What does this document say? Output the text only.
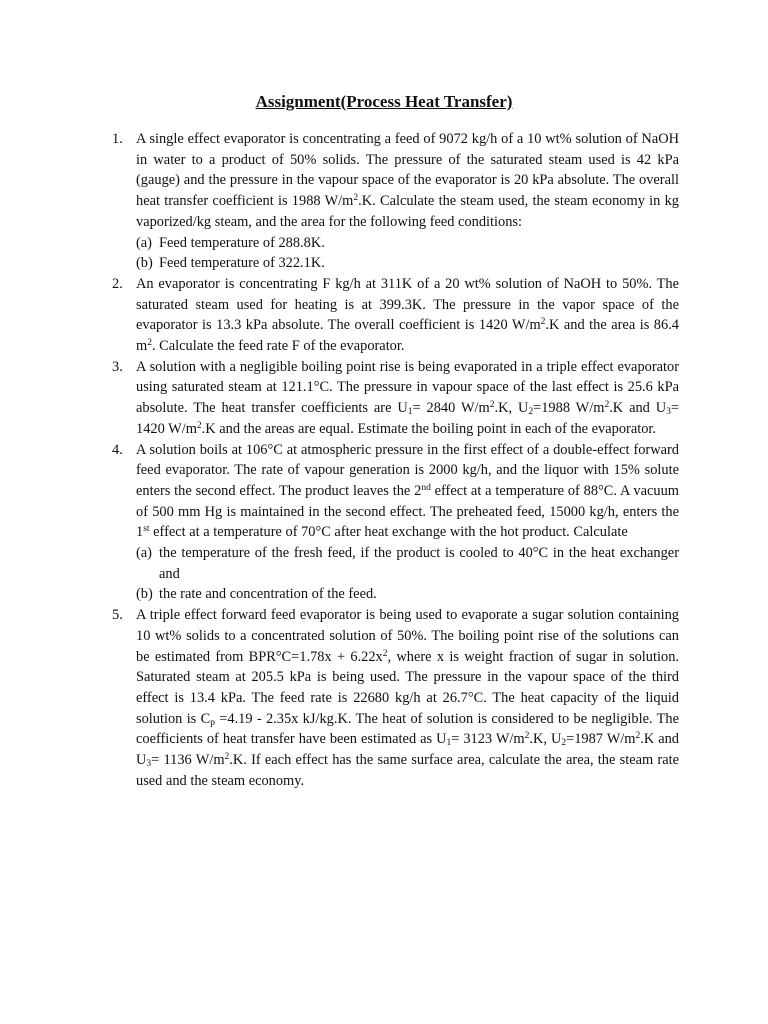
Assignment(Process Heat Transfer)
1. A single effect evaporator is concentrating a feed of 9072 kg/h of a 10 wt% solution of NaOH in water to a product of 50% solids. The pressure of the saturated steam used is 42 kPa (gauge) and the pressure in the vapour space of the evaporator is 20 kPa absolute. The overall heat transfer coefficient is 1988 $W/m^2.K$. Calculate the steam used, the steam economy in kg vaporized/kg steam, and the area for the following feed conditions:
(a) Feed temperature of 288.8K.
(b) Feed temperature of 322.1K.
2. An evaporator is concentrating F kg/h at 311K of a 20 wt% solution of NaOH to 50%. The saturated steam used for heating is at 399.3K. The pressure in the vapor space of the evaporator is 13.3 kPa absolute. The overall coefficient is 1420 $W/m^2.K$ and the area is 86.4 $m^2$. Calculate the feed rate F of the evaporator.
3. A solution with a negligible boiling point rise is being evaporated in a triple effect evaporator using saturated steam at 121.1°C. The pressure in vapour space of the last effect is 25.6 kPa absolute. The heat transfer coefficients are $U_1= 2840$ $W/m^2.K$, $U_2=1988$ $W/m^2.K$ and $U_3= 1420$ $W/m^2.K$ and the areas are equal. Estimate the boiling point in each of the evaporator.
4. A solution boils at 106°C at atmospheric pressure in the first effect of a double-effect forward feed evaporator. The rate of vapour generation is 2000 kg/h, and the liquor with 15% solute enters the second effect. The product leaves the 2nd effect at a temperature of 88°C. A vacuum of 500 mm Hg is maintained in the second effect. The preheated feed, 15000 kg/h, enters the 1st effect at a temperature of 70°C after heat exchange with the hot product. Calculate
(a) the temperature of the fresh feed, if the product is cooled to 40°C in the heat exchanger and
(b) the rate and concentration of the feed.
5. A triple effect forward feed evaporator is being used to evaporate a sugar solution containing 10 wt% solids to a concentrated solution of 50%. The boiling point rise of the solutions can be estimated from $BPR^\circ C=1.78x + 6.22x^2$, where x is weight fraction of sugar in solution. Saturated steam at 205.5 kPa is being used. The pressure in the vapour space of the third effect is 13.4 kPa. The feed rate is 22680 kg/h at 26.7°C. The heat capacity of the liquid solution is $C_p =4.19 - 2.35x$ kJ/kg.K. The heat of solution is considered to be negligible. The coefficients of heat transfer have been estimated as $U_1= 3123$ $W/m^2.K$, $U_2=1987$ $W/m^2.K$ and $U_3= 1136$ $W/m^2.K$. If each effect has the same surface area, calculate the area, the steam rate used and the steam economy.
